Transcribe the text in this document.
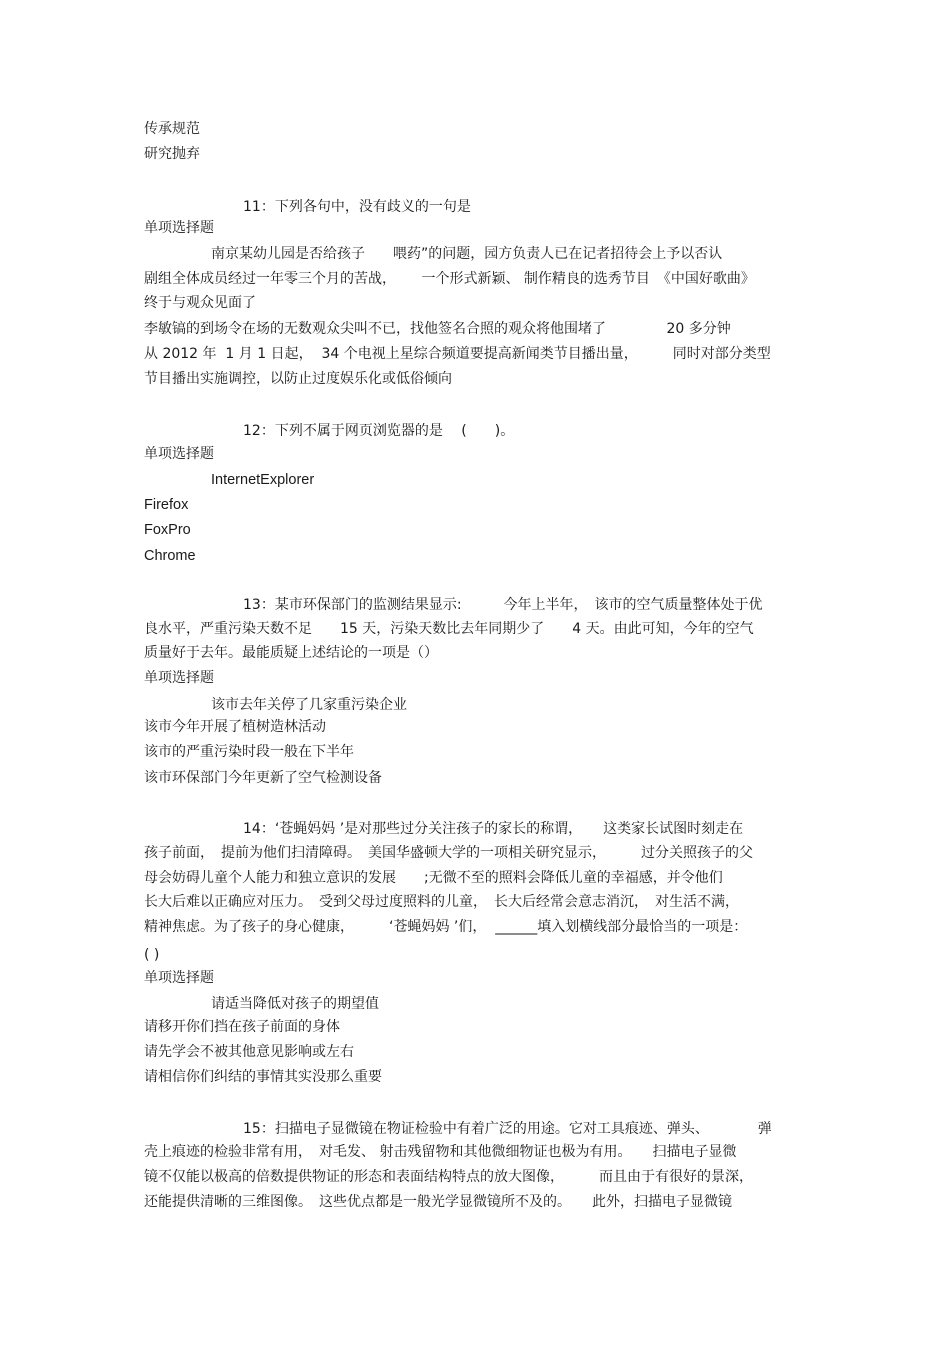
传承规范
研究抛弃
11：下列各句中，没有歧义的一句是
单项选择题
南京某幼儿园是否给孩子　　喂药”的问题，园方负责人已在记者招待会上予以否认
剧组全体成员经过一年零三个月的苦战，　　 一个形式新颖、 制作精良的选秀节目　《中国好歌曲》
终于与观众见面了
李敏镐的到场令在场的无数观众尖叫不已，找他签名合照的观众将他围堵了　　　　 20 多分钟
从 2012 年  1 月 1 日起，  34 个电视上星综合频道要提高新闻类节目播出量，　　　同时对部分类型
节目播出实施调控，以防止过度娱乐化或低俗倾向
12：下列不属于网页浏览器的是　 (　　)。
单项选择题
InternetExplorer
Firefox
FoxPro
Chrome
13：某市环保部门的监测结果显示:　　　今年上半年，　该市的空气质量整体处于优
良水平，严重污染天数不足　　15 天，污染天数比去年同期少了　　4 天。由此可知，今年的空气
质量好于去年。最能质疑上述结论的一项是（）
单项选择题
该市去年关停了几家重污染企业
该市今年开展了植树造林活动
该市的严重污染时段一般在下半年
该市环保部门今年更新了空气检测设备
14：‘苍蝇妈妈 ’是对那些过分关注孩子的家长的称谓，　　这类家长试图时刻走在
孩子前面，　提前为他们扫清障碍。　美国华盛顿大学的一项相关研究显示，　　　过分关照孩子的父
母会妨碍儿童个人能力和独立意识的发展　　;无微不至的照料会降低儿童的幸福感，并令他们
长大后难以正确应对压力。　受到父母过度照料的儿童，　长大后经常会意志消沉，　对生活不满，
精神焦虑。为了孩子的身心健康，　　　‘苍蝇妈妈 ’们，  ______填入划横线部分最恰当的一项是：
( )
单项选择题
请适当降低对孩子的期望值
请移开你们挡在孩子前面的身体
请先学会不被其他意见影响或左右
请相信你们纠结的事情其实没那么重要
15：扫描电子显微镜在物证检验中有着广泛的用途。它对工具痕迹、弹头、　　　　弹
壳上痕迹的检验非常有用，　对毛发、 射击残留物和其他微细物证也极为有用。　　扫描电子显微
镜不仅能以极高的倍数提供物证的形态和表面结构特点的放大图像，　　　而且由于有很好的景深，
还能提供清晰的三维图像。　这些优点都是一般光学显微镜所不及的。　　此外，扫描电子显微镜
